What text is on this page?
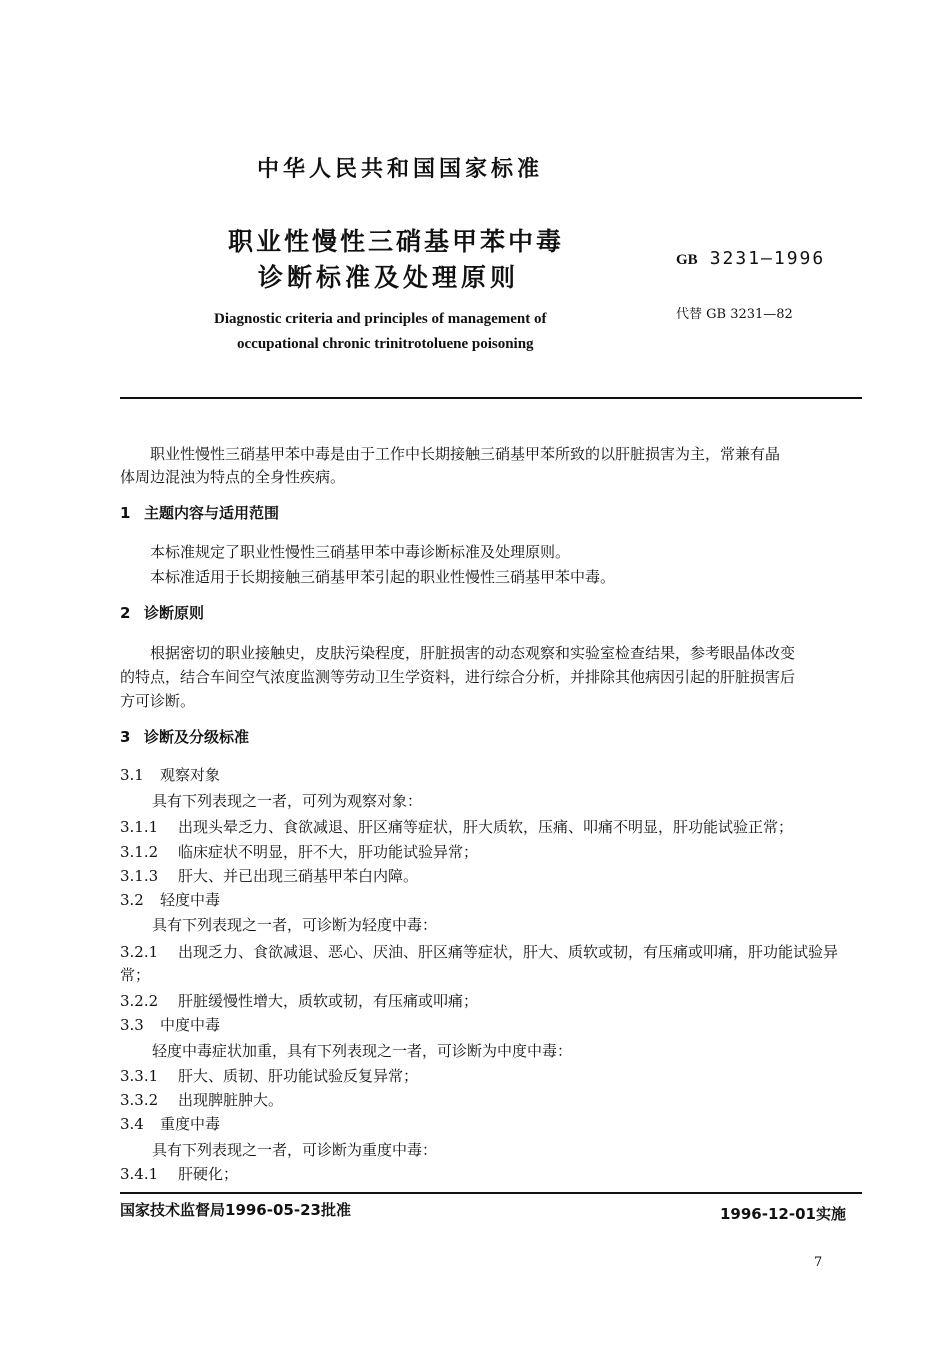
中华人民共和国国家标准
职业性慢性三硝基甲苯中毒
诊断标准及处理原则
GB 3231—1996
代替 GB 3231—82
Diagnostic criteria and principles of management of
occupational chronic trinitrotoluene poisoning
职业性慢性三硝基甲苯中毒是由于工作中长期接触三硝基甲苯所致的以肝脏损害为主，常兼有晶
体周边混浊为特点的全身性疾病。
1 主题内容与适用范围
本标准规定了职业性慢性三硝基甲苯中毒诊断标准及处理原则。
本标准适用于长期接触三硝基甲苯引起的职业性慢性三硝基甲苯中毒。
2 诊断原则
根据密切的职业接触史，皮肤污染程度，肝脏损害的动态观察和实验室检查结果，参考眼晶体改变
的特点，结合车间空气浓度监测等劳动卫生学资料，进行综合分析，并排除其他病因引起的肝脏损害后
方可诊断。
3 诊断及分级标准
3.1 观察对象
具有下列表现之一者，可列为观察对象：
3.1.1 出现头晕乏力、食欲减退、肝区痛等症状，肝大质软，压痛、叩痛不明显，肝功能试验正常；
3.1.2 临床症状不明显，肝不大，肝功能试验异常；
3.1.3 肝大、并已出现三硝基甲苯白内障。
3.2 轻度中毒
具有下列表现之一者，可诊断为轻度中毒：
3.2.1 出现乏力、食欲减退、恶心、厌油、肝区痛等症状，肝大、质软或韧，有压痛或叩痛，肝功能试验异
常；
3.2.2 肝脏缓慢性增大，质软或韧，有压痛或叩痛；
3.3 中度中毒
轻度中毒症状加重，具有下列表现之一者，可诊断为中度中毒：
3.3.1 肝大、质韧、肝功能试验反复异常；
3.3.2 出现脾脏肿大。
3.4 重度中毒
具有下列表现之一者，可诊断为重度中毒：
3.4.1 肝硬化；
国家技术监督局1996-05-23批准	1996-12-01实施
7
